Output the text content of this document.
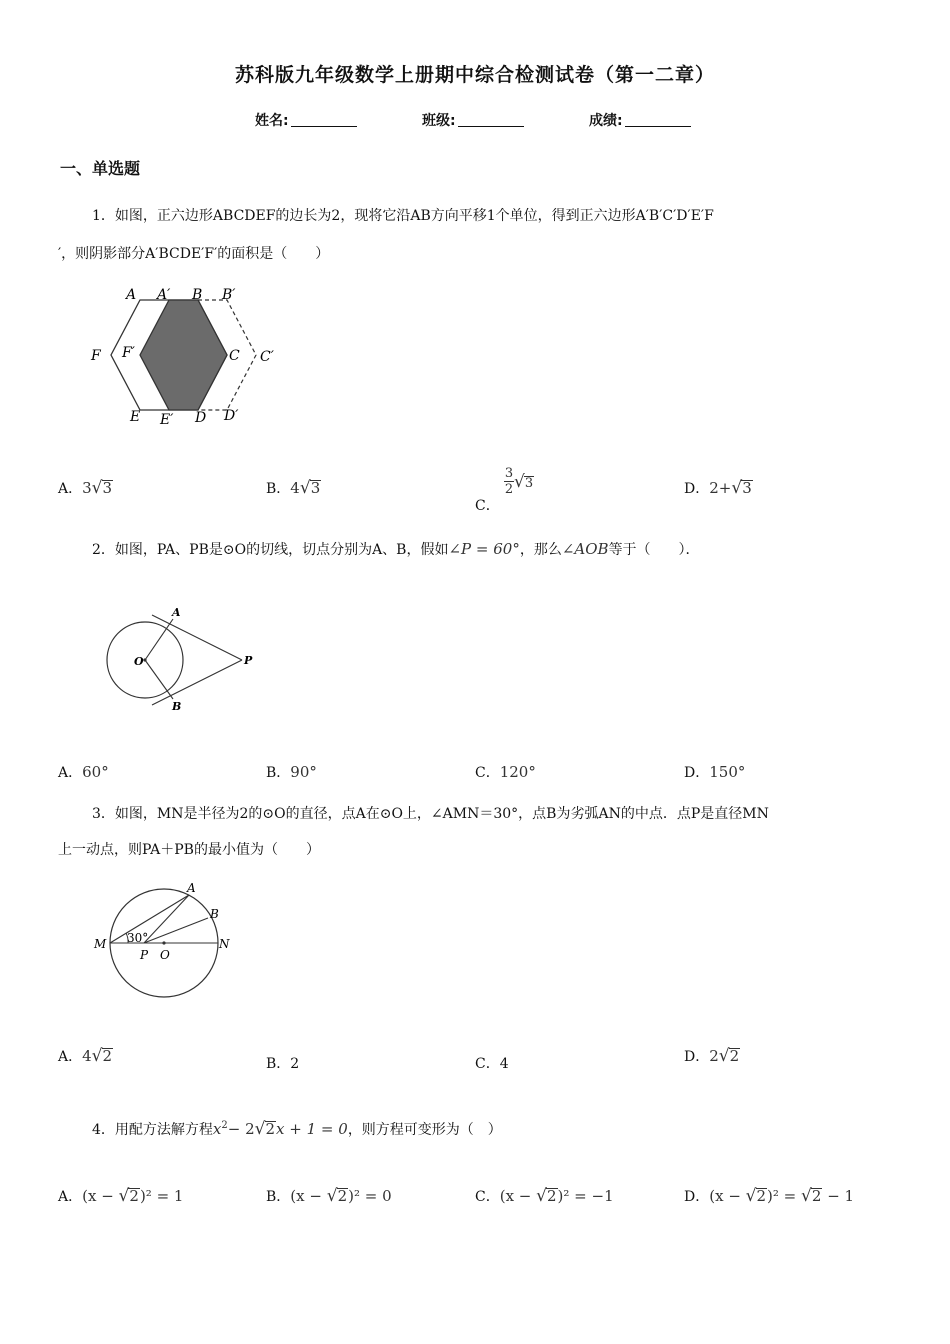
苏科版九年级数学上册期中综合检测试卷（第一二章）
姓名:	班级:	成绩:
一、单选题
1．如图，正六边形ABCDEF的边长为2，现将它沿AB方向平移1个单位，得到正六边形A′B′C′D′E′F
′，则阴影部分A′BCDE′F′的面积是（　　）
A A′ B B′
F F′	C C′
E E′ D D′
A．3√3	B．4√3
C．
3
2 √3	D．2+√3
2．如图，PA、PB是⊙O的切线，切点分别为A、B，假如∠P = 60°，那么∠AOB等于（　　）．
A
O	P
B
A．60°	B．90°	C．120°	D．150°
3．如图，MN是半径为2的⊙O的直径，点A在⊙O上，∠AMN＝30°，点B为劣弧AN的中点．点P是直径MN
上一动点，则PA＋PB的最小值为（　　）
A
B
M 30°
P O
N
A．4√2	B．2	C．4	D．2√2
4．用配方法解方程$x^2- 2√2x + 1 = 0$，则方程可变形为（　）
A．(x − √2)² = 1	B．(x − √2)² = 0	C．(x − √2)² = −1	D．(x − √2)² = √2 − 1
